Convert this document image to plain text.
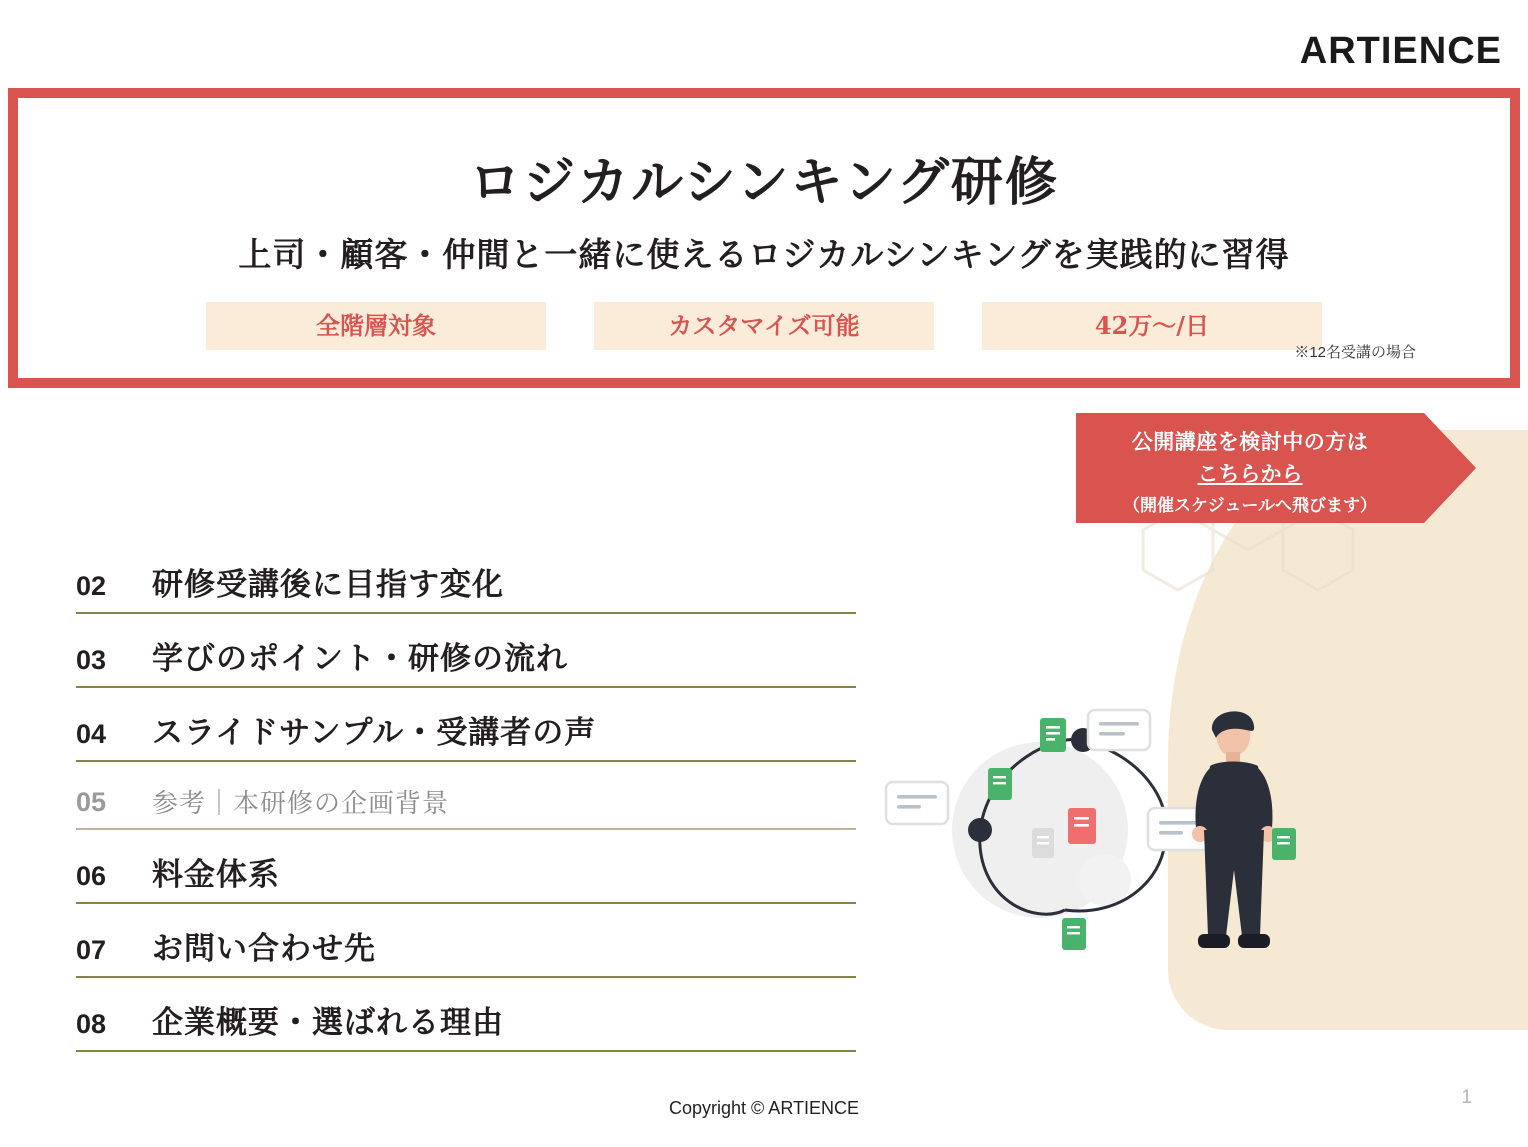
ARTIENCE
ロジカルシンキング研修
上司・顧客・仲間と一緒に使えるロジカルシンキングを実践的に習得
全階層対象	カスタマイズ可能	42万〜/日
※12名受講の場合
公開講座を検討中の方は
こちらから
（開催スケジュールへ飛びます）
02	研修受講後に目指す変化
03	学びのポイント・研修の流れ
04	スライドサンプル・受講者の声
05	参考｜本研修の企画背景
06	料金体系
07	お問い合わせ先
08	企業概要・選ばれる理由
Copyright © ARTIENCE	1
